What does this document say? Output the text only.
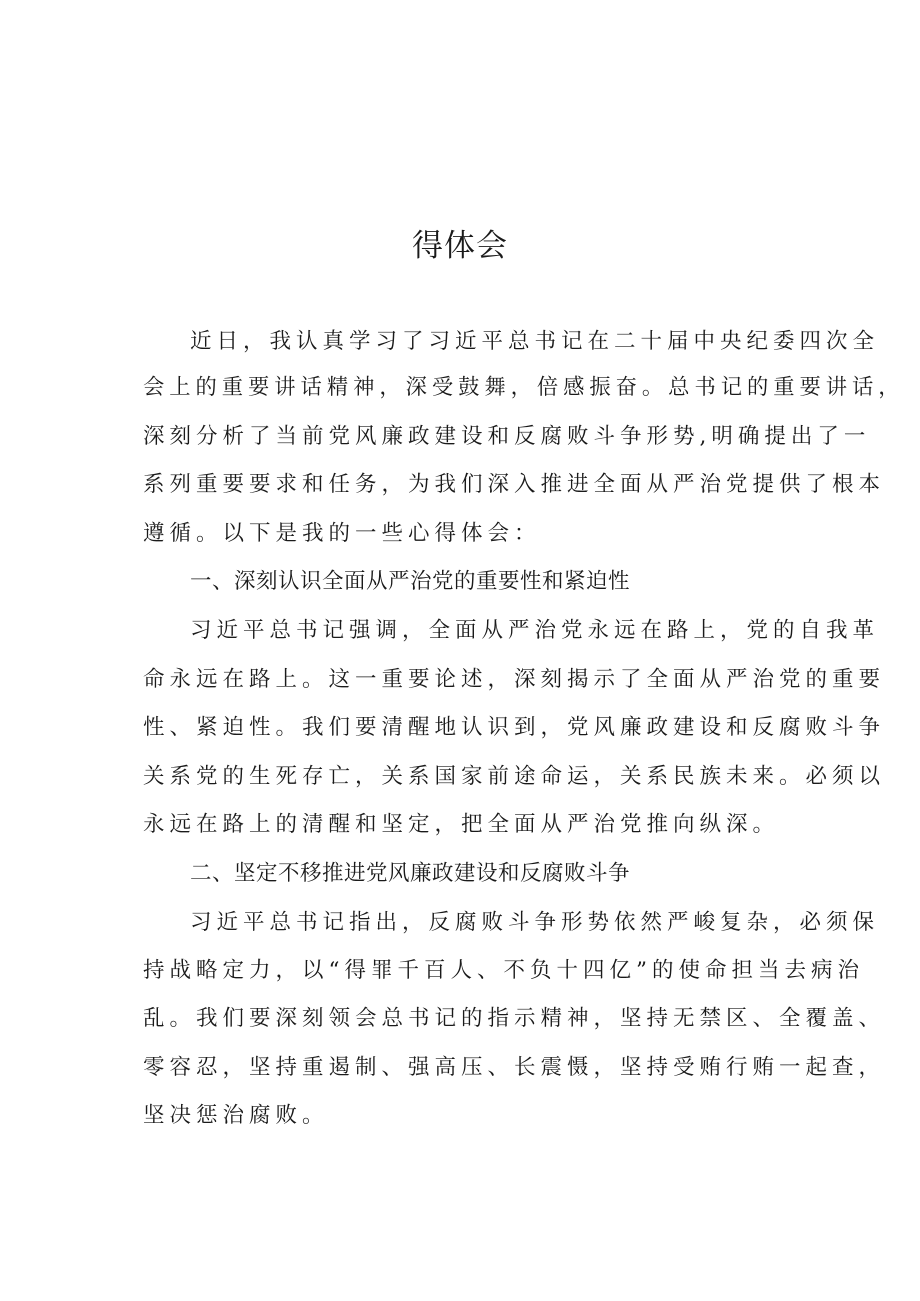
得体会

近日，我认真学习了习近平总书记在二十届中央纪委四次全

会上的重要讲话精神，深受鼓舞，倍感振奋。总书记的重要讲话，

深刻分析了当前党风廉政建设和反腐败斗争形势,明确提出了一

系列重要要求和任务，为我们深入推进全面从严治党提供了根本

遵循。以下是我的一些心得体会：

一、深刻认识全面从严治党的重要性和紧迫性

习近平总书记强调，全面从严治党永远在路上，党的自我革

命永远在路上。这一重要论述，深刻揭示了全面从严治党的重要

性、紧迫性。我们要清醒地认识到，党风廉政建设和反腐败斗争

关系党的生死存亡，关系国家前途命运，关系民族未来。必须以

永远在路上的清醒和坚定，把全面从严治党推向纵深。

二、坚定不移推进党风廉政建设和反腐败斗争

习近平总书记指出，反腐败斗争形势依然严峻复杂，必须保

持战略定力，以“得罪千百人、不负十四亿”的使命担当去病治

乱。我们要深刻领会总书记的指示精神，坚持无禁区、全覆盖、

零容忍，坚持重遏制、强高压、长震慑，坚持受贿行贿一起查，

坚决惩治腐败。
